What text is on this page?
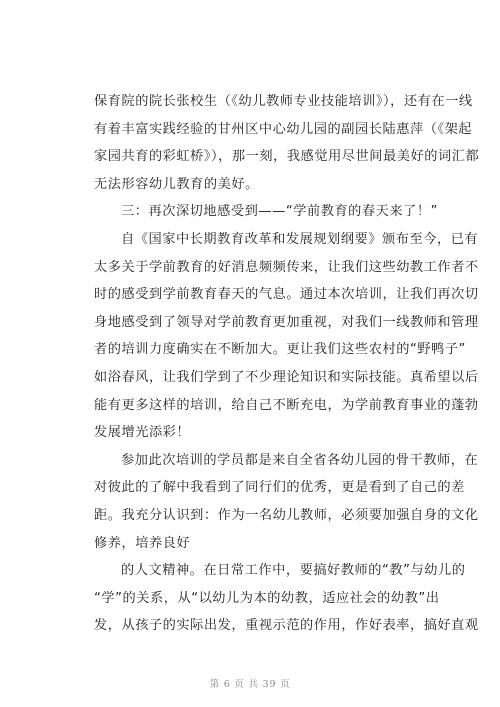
保育院的院长张校生（《幼儿教师专业技能培训》），还有在一线
有着丰富实践经验的甘州区中心幼儿园的副园长陆惠萍（《架起
家园共育的彩虹桥》），那一刻，我感觉用尽世间最美好的词汇都
无法形容幼儿教育的美好。
三：再次深切地感受到——“学前教育的春天来了！”
自《国家中长期教育改革和发展规划纲要》颁布至今，已有
太多关于学前教育的好消息频频传来，让我们这些幼教工作者不
时的感受到学前教育春天的气息。通过本次培训，让我们再次切
身地感受到了领导对学前教育更加重视，对我们一线教师和管理
者的培训力度确实在不断加大。更让我们这些农村的“野鸭子”
如浴春风，让我们学到了不少理论知识和实际技能。真希望以后
能有更多这样的培训，给自己不断充电，为学前教育事业的蓬勃
发展增光添彩！
参加此次培训的学员都是来自全省各幼儿园的骨干教师，在
对彼此的了解中我看到了同行们的优秀，更是看到了自己的差
距。我充分认识到：作为一名幼儿教师，必须要加强自身的文化
修养，培养良好
的人文精神。在日常工作中，要搞好教师的“教”与幼儿的
“学”的关系，从“以幼儿为本的幼教，适应社会的幼教”出
发，从孩子的实际出发，重视示范的作用，作好表率，搞好直观
第 6 页 共 39 页
